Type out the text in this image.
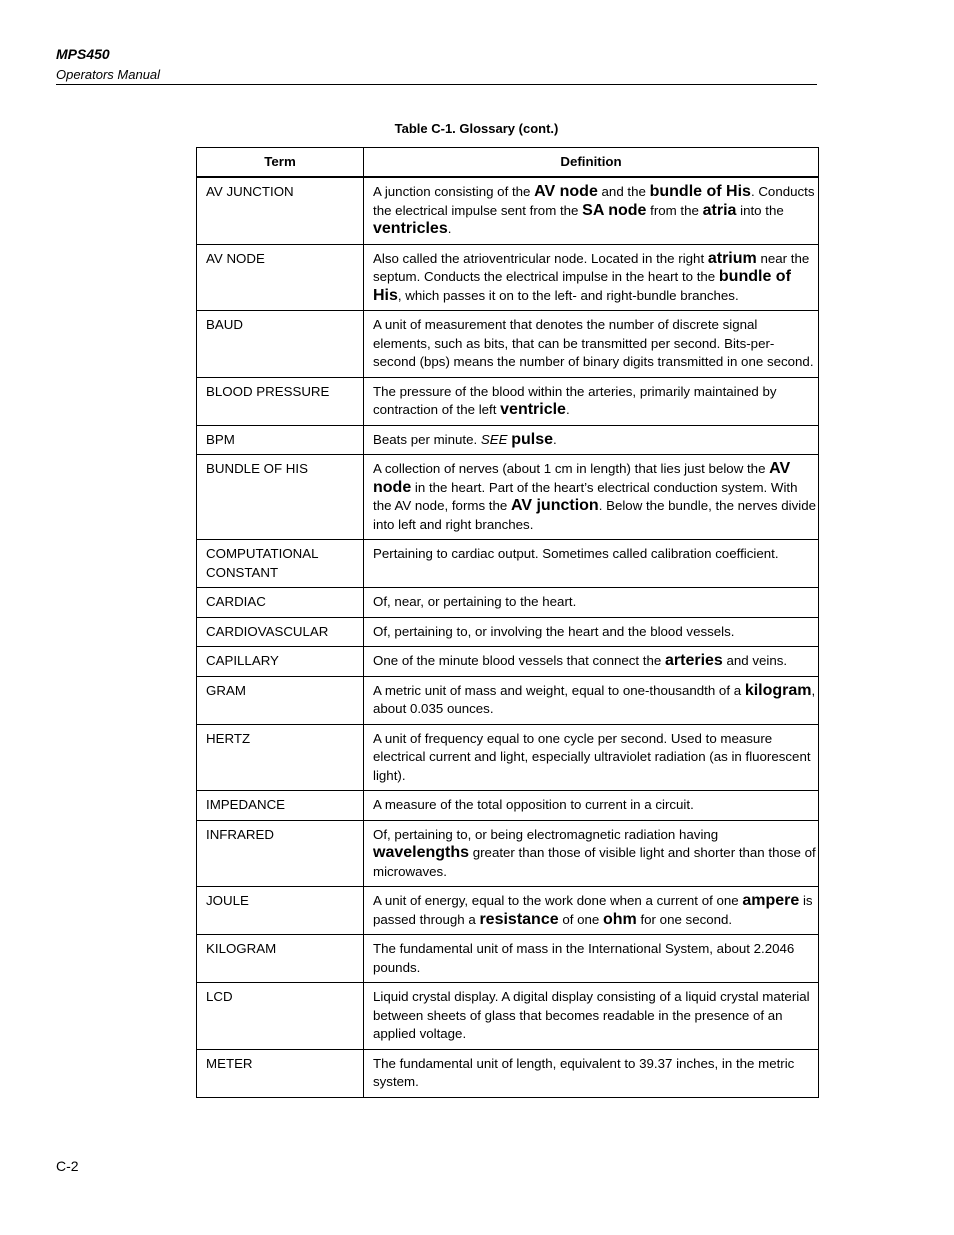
MPS450
Operators Manual
Table C-1. Glossary (cont.)
Term	Definition
AV JUNCTION	A junction consisting of the AV node and the bundle of His. Conducts the electrical impulse sent from the SA node from the atria into the ventricles.
AV NODE	Also called the atrioventricular node. Located in the right atrium near the septum. Conducts the electrical impulse in the heart to the bundle of His, which passes it on to the left- and right-bundle branches.
BAUD	A unit of measurement that denotes the number of discrete signal elements, such as bits, that can be transmitted per second. Bits-per-second (bps) means the number of binary digits transmitted in one second.
BLOOD PRESSURE	The pressure of the blood within the arteries, primarily maintained by contraction of the left ventricle.
BPM	Beats per minute. SEE pulse.
BUNDLE OF HIS	A collection of nerves (about 1 cm in length) that lies just below the AV node in the heart. Part of the heart’s electrical conduction system. With the AV node, forms the AV junction. Below the bundle, the nerves divide into left and right branches.
COMPUTATIONAL CONSTANT	Pertaining to cardiac output. Sometimes called calibration coefficient.
CARDIAC	Of, near, or pertaining to the heart.
CARDIOVASCULAR	Of, pertaining to, or involving the heart and the blood vessels.
CAPILLARY	One of the minute blood vessels that connect the arteries and veins.
GRAM	A metric unit of mass and weight, equal to one-thousandth of a kilogram, about 0.035 ounces.
HERTZ	A unit of frequency equal to one cycle per second. Used to measure electrical current and light, especially ultraviolet radiation (as in fluorescent light).
IMPEDANCE	A measure of the total opposition to current in a circuit.
INFRARED	Of, pertaining to, or being electromagnetic radiation having wavelengths greater than those of visible light and shorter than those of microwaves.
JOULE	A unit of energy, equal to the work done when a current of one ampere is passed through a resistance of one ohm for one second.
KILOGRAM	The fundamental unit of mass in the International System, about 2.2046 pounds.
LCD	Liquid crystal display. A digital display consisting of a liquid crystal material between sheets of glass that becomes readable in the presence of an applied voltage.
METER	The fundamental unit of length, equivalent to 39.37 inches, in the metric system.
C-2
